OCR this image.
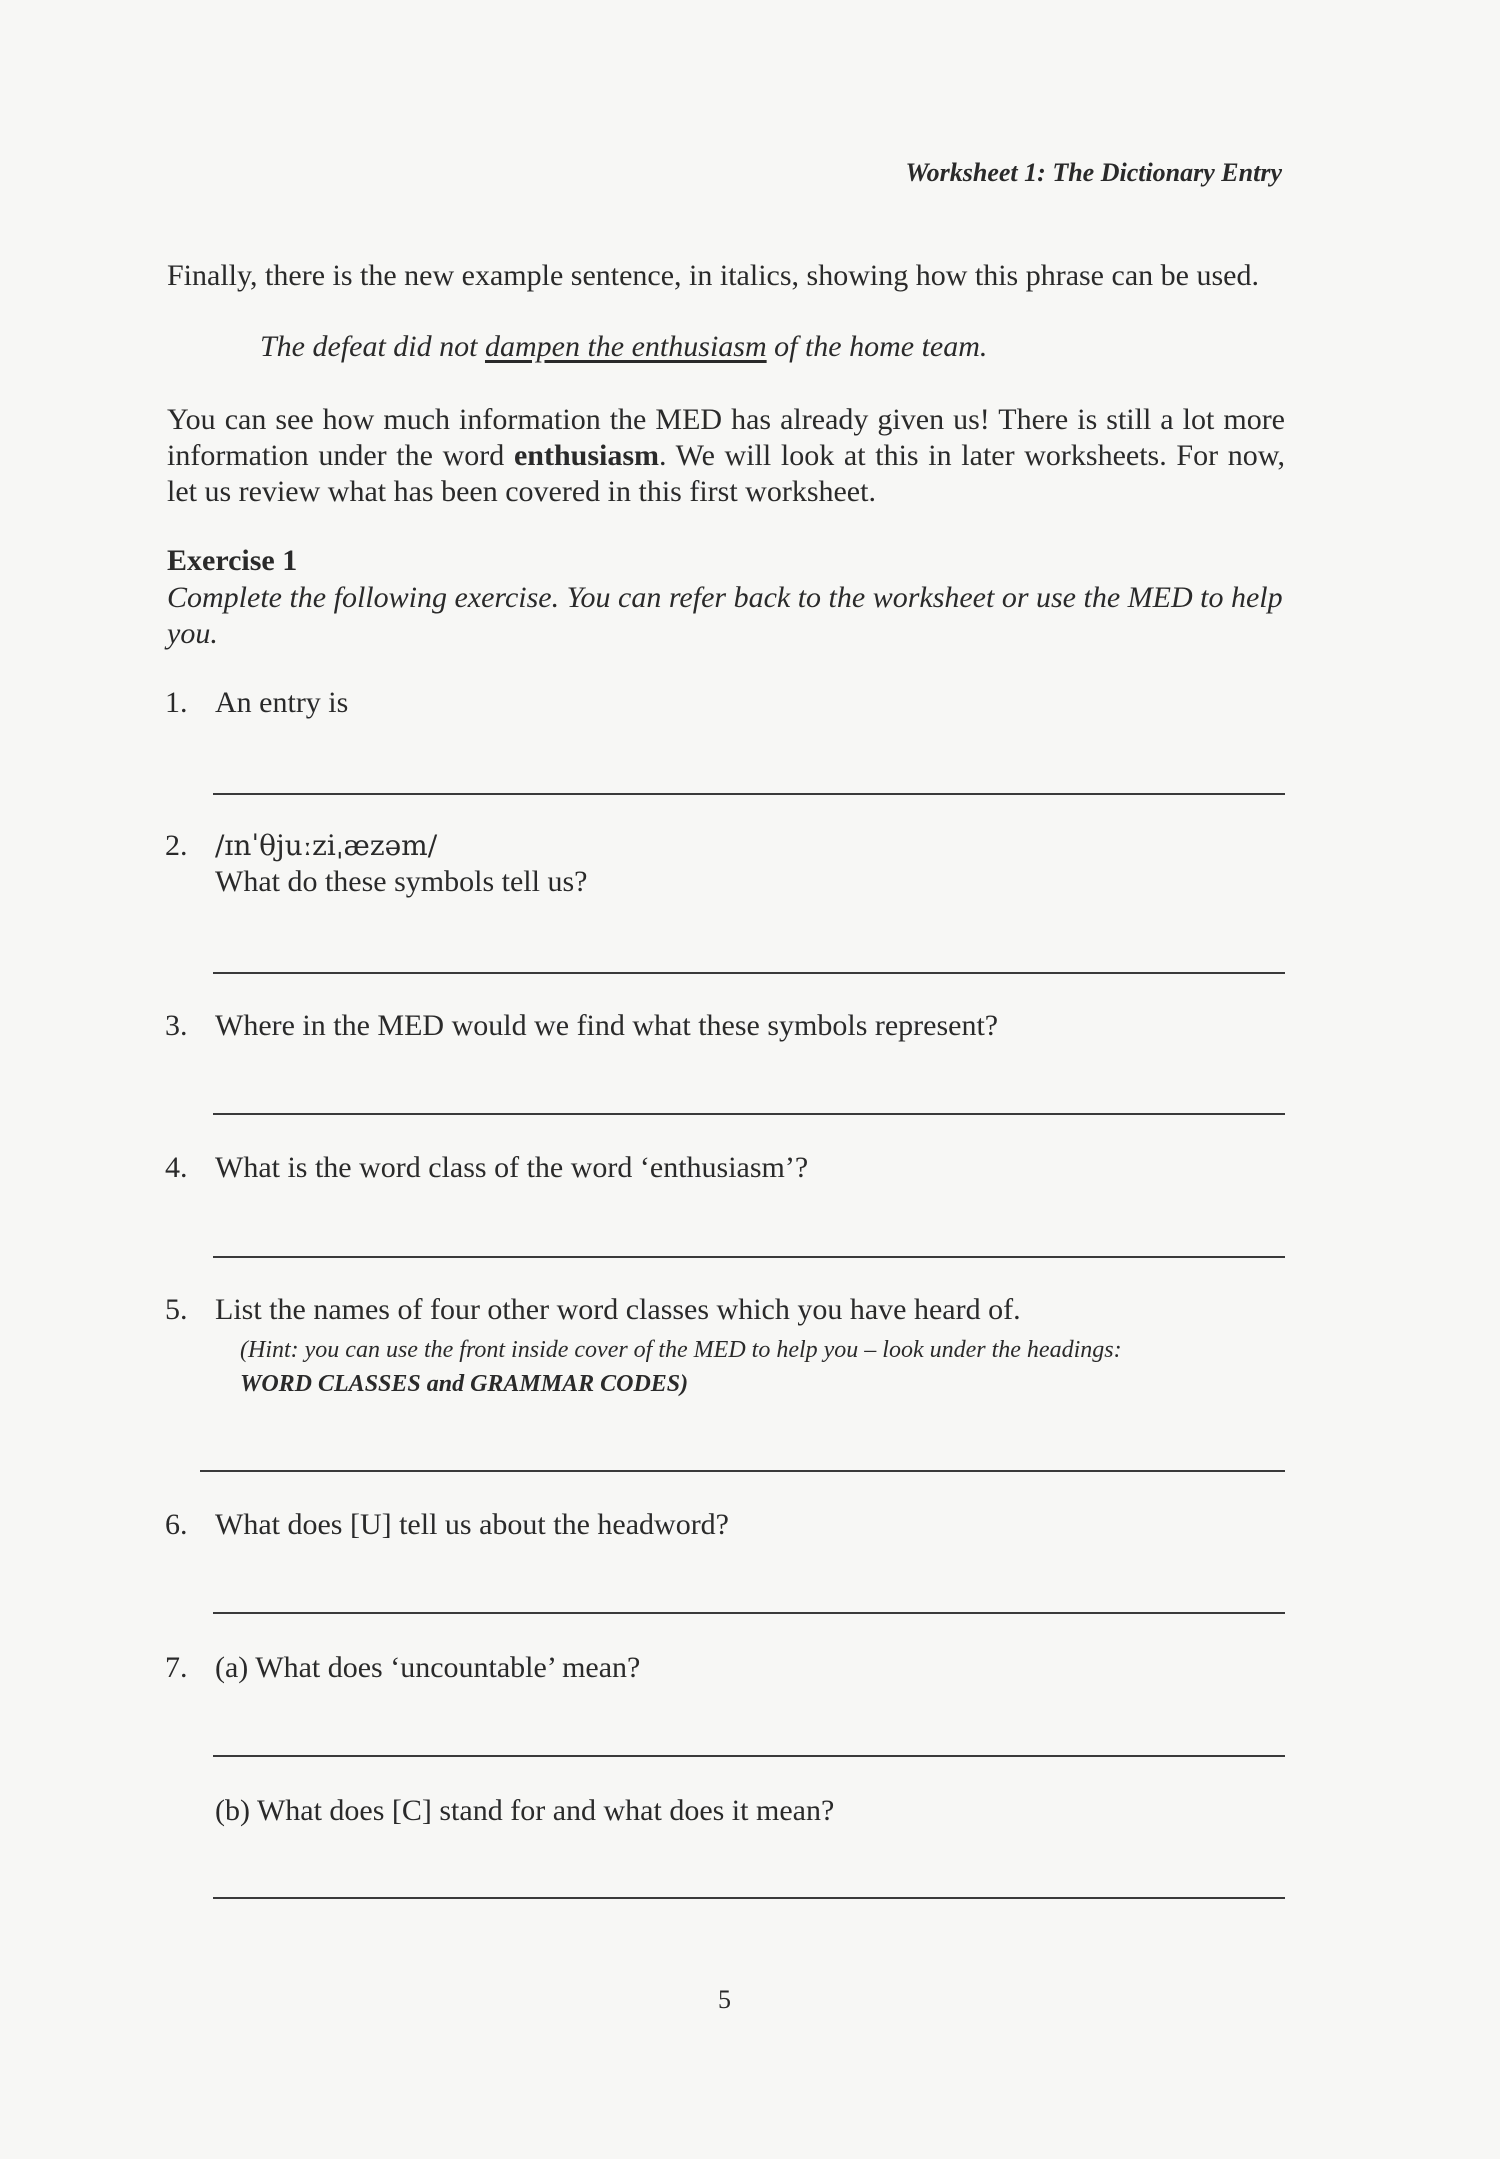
Worksheet 1: The Dictionary Entry
Finally, there is the new example sentence, in italics, showing how this phrase can be used.
The defeat did not dampen the enthusiasm of the home team.
You can see how much information the MED has already given us! There is still a lot more information under the word enthusiasm. We will look at this in later worksheets. For now, let us review what has been covered in this first worksheet.
Exercise 1
Complete the following exercise. You can refer back to the worksheet or use the MED to help you.
1. An entry is
2. /ɪnˈθjuːziˌæzəm/
What do these symbols tell us?
3. Where in the MED would we find what these symbols represent?
4. What is the word class of the word ‘enthusiasm’?
5. List the names of four other word classes which you have heard of.
(Hint: you can use the front inside cover of the MED to help you – look under the headings:
WORD CLASSES and GRAMMAR CODES)
6. What does [U] tell us about the headword?
7. (a) What does ‘uncountable’ mean?
(b) What does [C] stand for and what does it mean?
5
